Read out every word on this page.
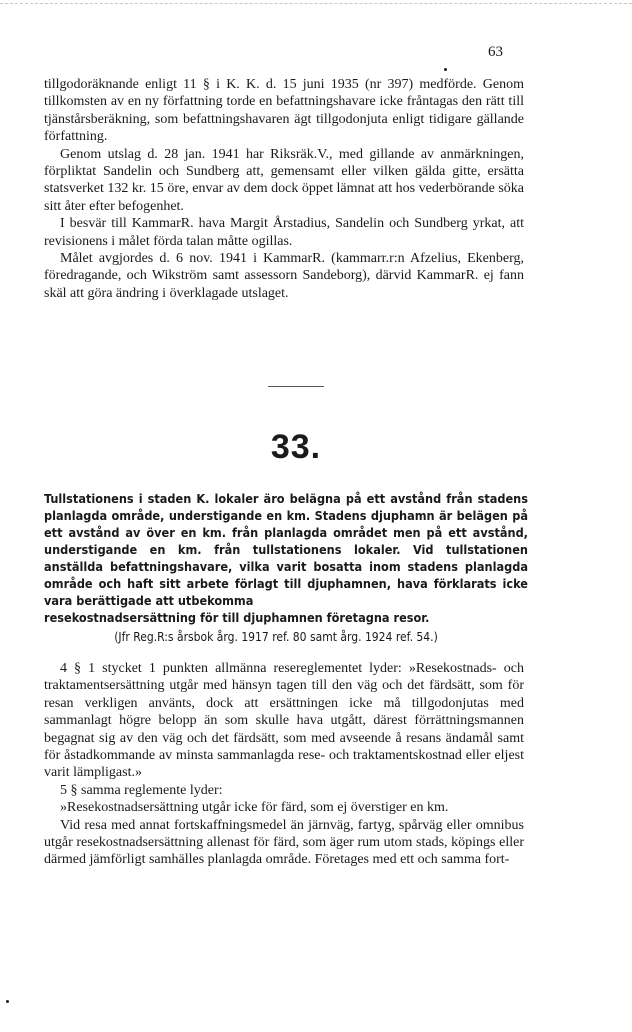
63

tillgodoräknande enligt 11 § i K. K. d. 15 juni 1935 (nr 397) medförde. Genom tillkomsten av en ny författning torde en befattningshavare icke fråntagas den rätt till tjänstårsberäkning, som befattningshavaren ägt tillgodonjuta enligt tidigare gällande författning.

Genom utslag d. 28 jan. 1941 har Riksräk.V., med gillande av anmärkningen, förpliktat Sandelin och Sundberg att, gemensamt eller vilken gälda gitte, ersätta statsverket 132 kr. 15 öre, envar av dem dock öppet lämnat att hos vederbörande söka sitt åter efter befogenhet.

I besvär till KammarR. hava Margit Årstadius, Sandelin och Sundberg yrkat, att revisionens i målet förda talan måtte ogillas.

Målet avgjordes d. 6 nov. 1941 i KammarR. (kammarr.r:n Afzelius, Ekenberg, föredragande, och Wikström samt assessorn Sandeborg), därvid KammarR. ej fann skäl att göra ändring i överklagade utslaget.

33.

Tullstationens i staden K. lokaler äro belägna på ett avstånd från stadens planlagda område, understigande en km. Stadens djuphamn är belägen på ett avstånd av över en km. från planlagda området men på ett avstånd, understigande en km. från tullstationens lokaler. Vid tullstationen anställda befattningshavare, vilka varit bosatta inom stadens planlagda område och haft sitt arbete förlagt till djuphamnen, hava förklarats icke vara berättigade att utbekomma

resekostnadsersättning för till djuphamnen företagna resor.

(Jfr Reg.R:s årsbok årg. 1917 ref. 80 samt årg. 1924 ref. 54.)

4 § 1 stycket 1 punkten allmänna resereglementet lyder: »Resekostnads- och traktamentsersättning utgår med hänsyn tagen till den väg och det färdsätt, som för resan verkligen använts, dock att ersättningen icke må tillgodonjutas med sammanlagt högre belopp än som skulle hava utgått, därest förrättningsmannen begagnat sig av den väg och det färdsätt, som med avseende å resans ändamål samt för åstadkommande av minsta sammanlagda rese- och traktamentskostnad eller eljest varit lämpligast.»

5 § samma reglemente lyder:

»Resekostnadsersättning utgår icke för färd, som ej överstiger en km.

Vid resa med annat fortskaffningsmedel än järnväg, fartyg, spårväg eller omnibus utgår resekostnadsersättning allenast för färd, som äger rum utom stads, köpings eller därmed jämförligt samhälles planlagda område. Företages med ett och samma fort-
